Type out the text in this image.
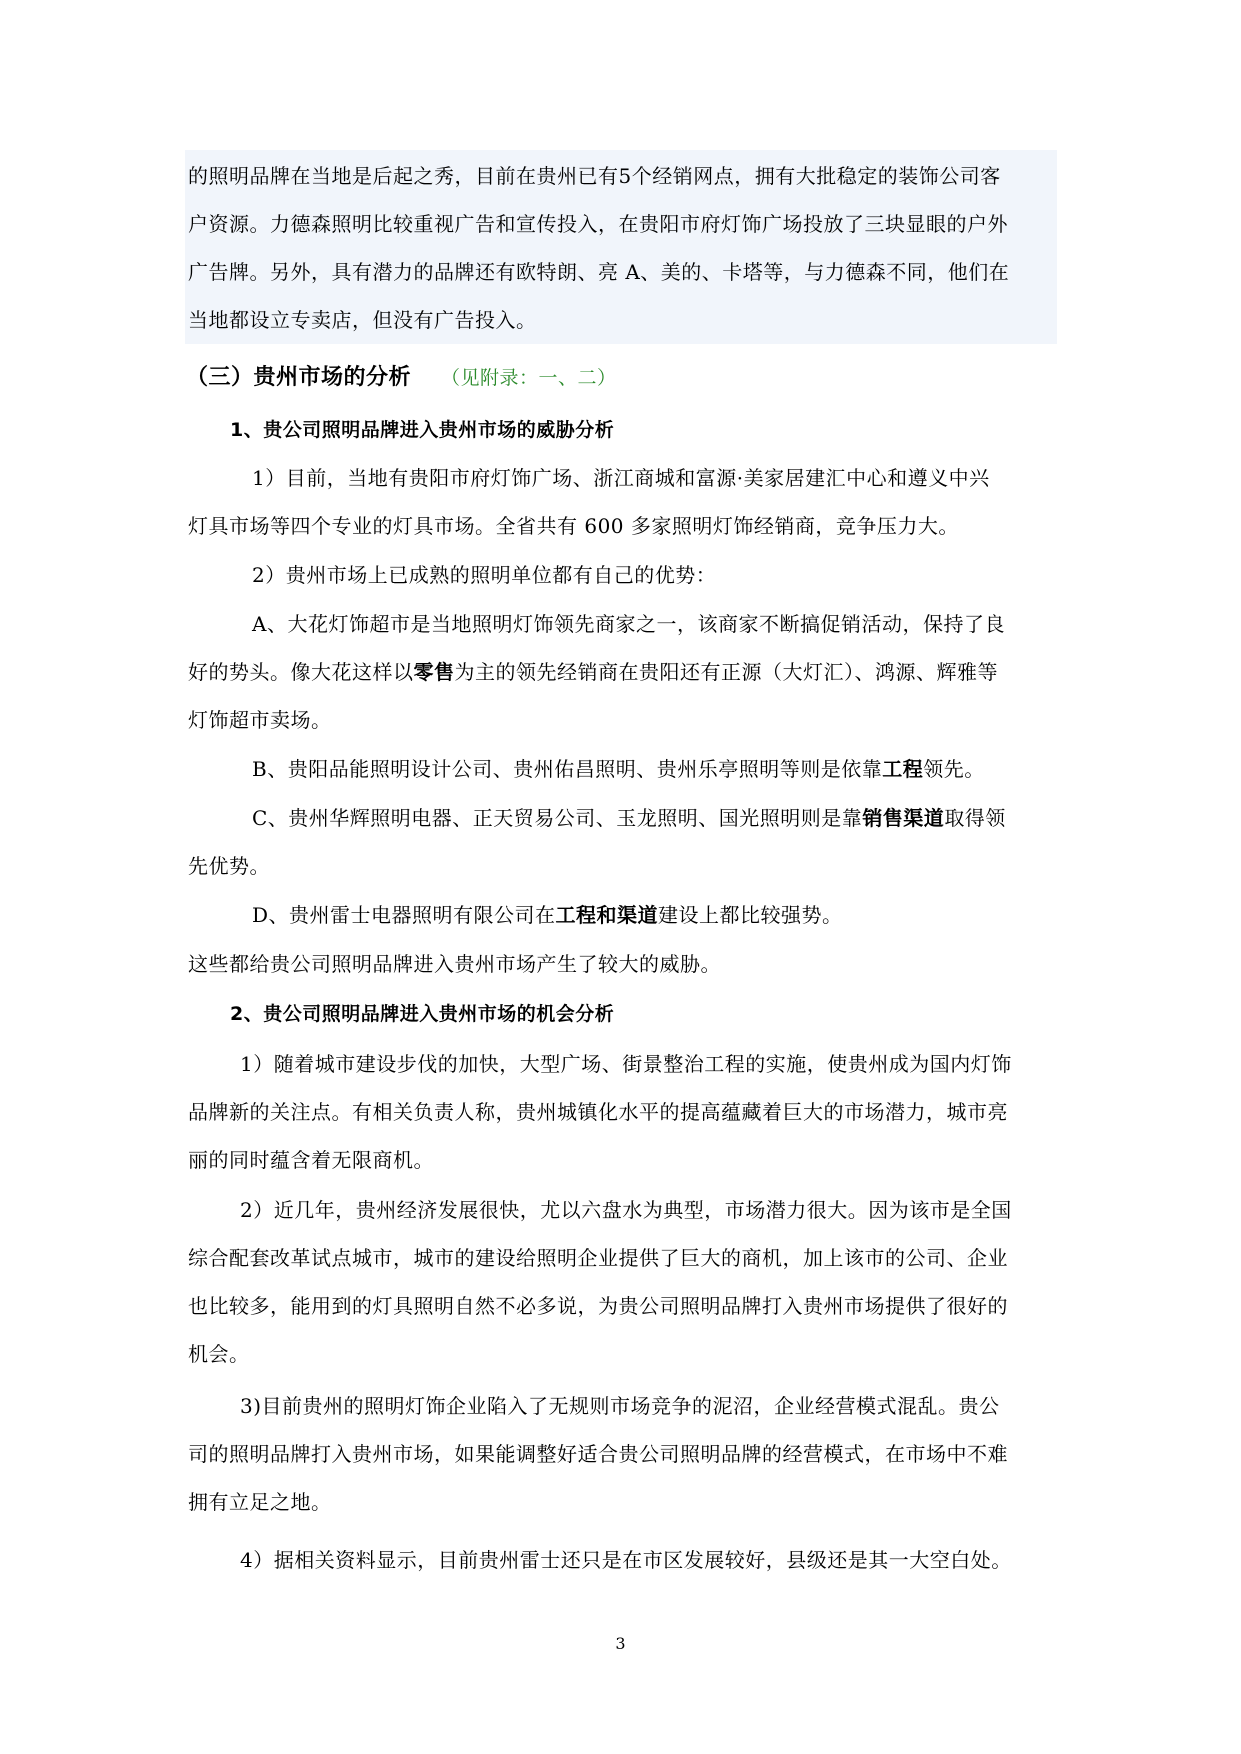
的照明品牌在当地是后起之秀，目前在贵州已有5个经销网点，拥有大批稳定的装饰公司客
户资源。力德森照明比较重视广告和宣传投入，在贵阳市府灯饰广场投放了三块显眼的户外
广告牌。另外，具有潜力的品牌还有欧特朗、亮 A、美的、卡塔等，与力德森不同，他们在
当地都设立专卖店，但没有广告投入。
（三）贵州市场的分析 （见附录：一、二）
1、贵公司照明品牌进入贵州市场的威胁分析
1）目前，当地有贵阳市府灯饰广场、浙江商城和富源·美家居建汇中心和遵义中兴
灯具市场等四个专业的灯具市场。全省共有 600 多家照明灯饰经销商，竞争压力大。
2）贵州市场上已成熟的照明单位都有自己的优势：
A、大花灯饰超市是当地照明灯饰领先商家之一，该商家不断搞促销活动，保持了良
好的势头。像大花这样以零售为主的领先经销商在贵阳还有正源（大灯汇）、鸿源、辉雅等
灯饰超市卖场。
B、贵阳品能照明设计公司、贵州佑昌照明、贵州乐亭照明等则是依靠工程领先。
C、贵州华辉照明电器、正天贸易公司、玉龙照明、国光照明则是靠销售渠道取得领
先优势。
D、贵州雷士电器照明有限公司在工程和渠道建设上都比较强势。
这些都给贵公司照明品牌进入贵州市场产生了较大的威胁。
2、贵公司照明品牌进入贵州市场的机会分析
1）随着城市建设步伐的加快，大型广场、街景整治工程的实施，使贵州成为国内灯饰
品牌新的关注点。有相关负责人称，贵州城镇化水平的提高蕴藏着巨大的市场潜力，城市亮
丽的同时蕴含着无限商机。
2）近几年，贵州经济发展很快，尤以六盘水为典型，市场潜力很大。因为该市是全国
综合配套改革试点城市，城市的建设给照明企业提供了巨大的商机，加上该市的公司、企业
也比较多，能用到的灯具照明自然不必多说，为贵公司照明品牌打入贵州市场提供了很好的
机会。
3)目前贵州的照明灯饰企业陷入了无规则市场竞争的泥沼，企业经营模式混乱。贵公
司的照明品牌打入贵州市场，如果能调整好适合贵公司照明品牌的经营模式，在市场中不难
拥有立足之地。
4）据相关资料显示，目前贵州雷士还只是在市区发展较好，县级还是其一大空白处。
3
